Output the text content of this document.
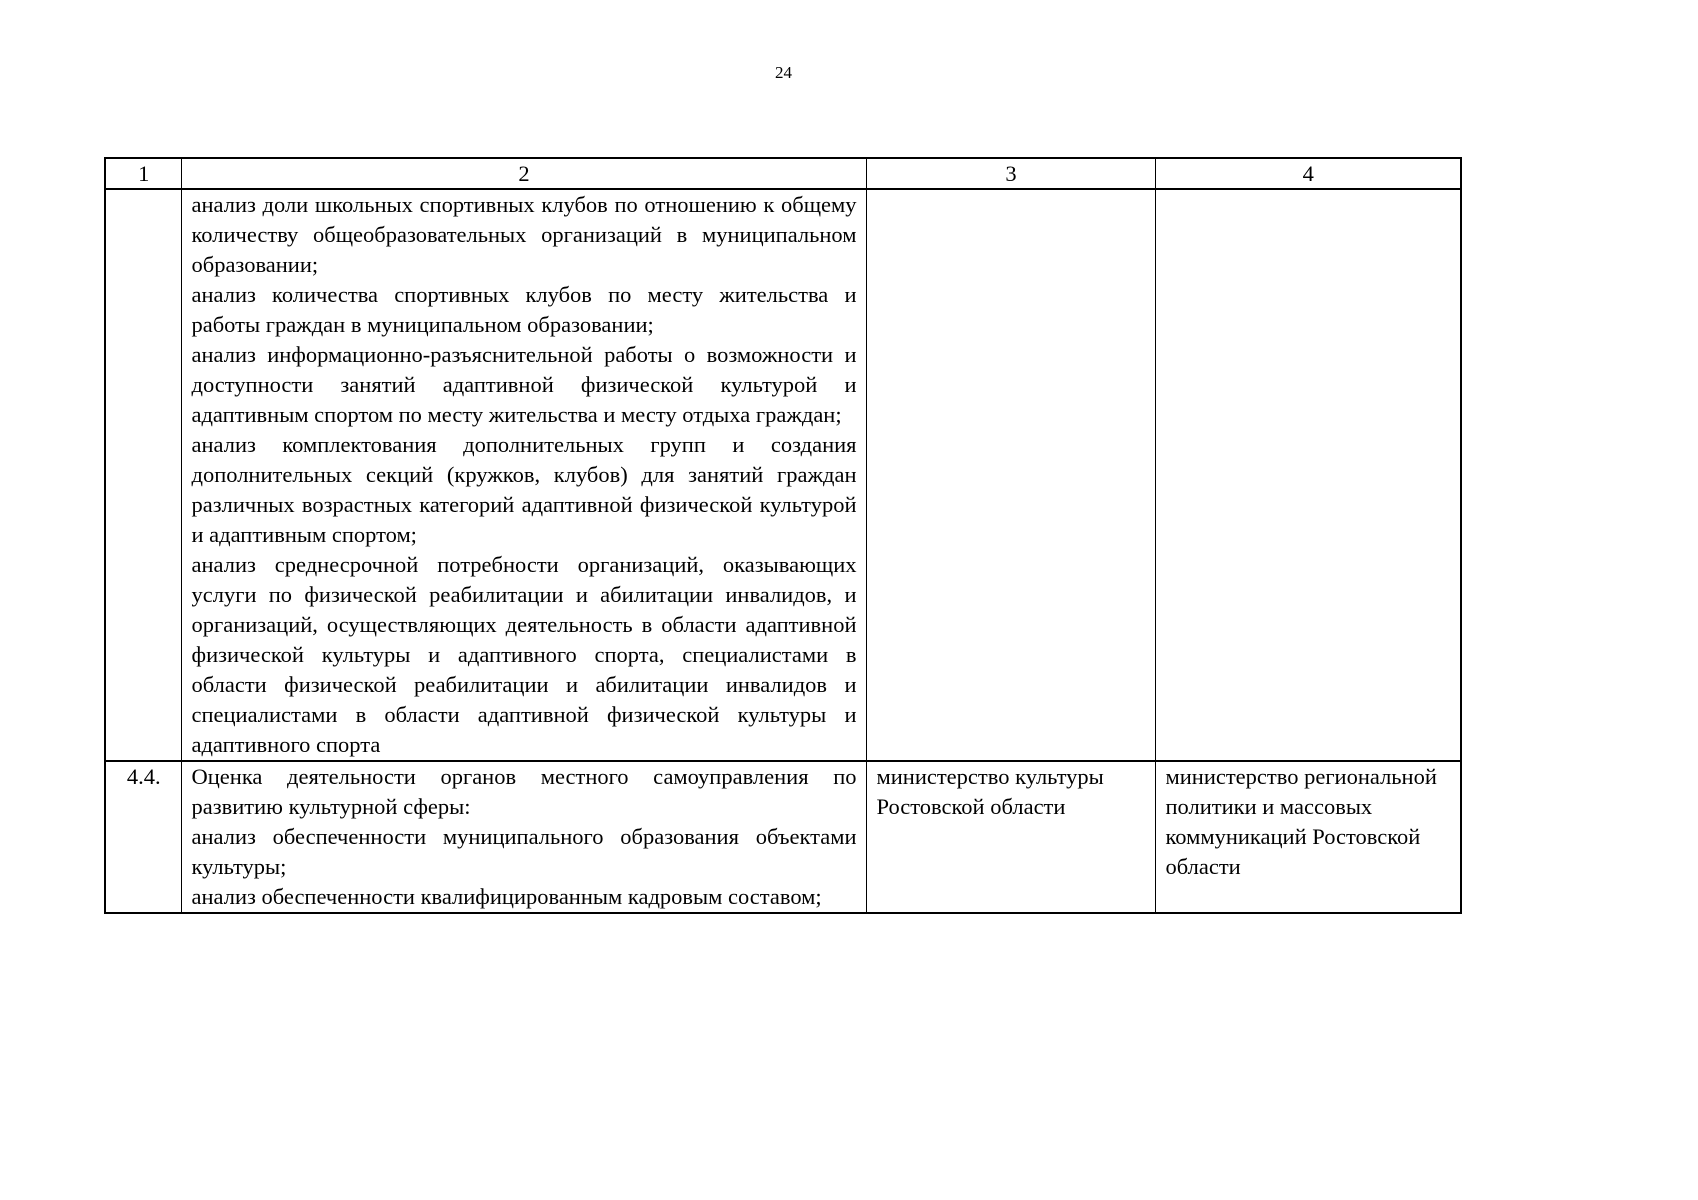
24
1	2	3	4

	анализ доли школьных спортивных клубов по отношению к общему количеству общеобразовательных организаций в муниципальном образовании;
анализ количества спортивных клубов по месту жительства и работы граждан в муниципальном образовании;
анализ информационно-разъяснительной работы о возможности и доступности занятий адаптивной физической культурой и адаптивным спортом по месту жительства и месту отдыха граждан;
анализ комплектования дополнительных групп и создания дополнительных секций (кружков, клубов) для занятий граждан различных возрастных категорий адаптивной физической культурой и адаптивным спортом;
анализ среднесрочной потребности организаций, оказывающих услуги по физической реабилитации и абилитации инвалидов, и организаций, осуществляющих деятельность в области адаптивной физической культуры и адаптивного спорта, специалистами в области физической реабилитации и абилитации инвалидов и специалистами в области адаптивной физической культуры и адаптивного спорта		

4.4.	Оценка деятельности органов местного самоуправления по развитию культурной сферы:
анализ обеспеченности муниципального образования объектами культуры;
анализ обеспеченности квалифицированным кадровым составом;	министерство культуры Ростовской области	министерство региональной политики и массовых коммуникаций Ростовской области
